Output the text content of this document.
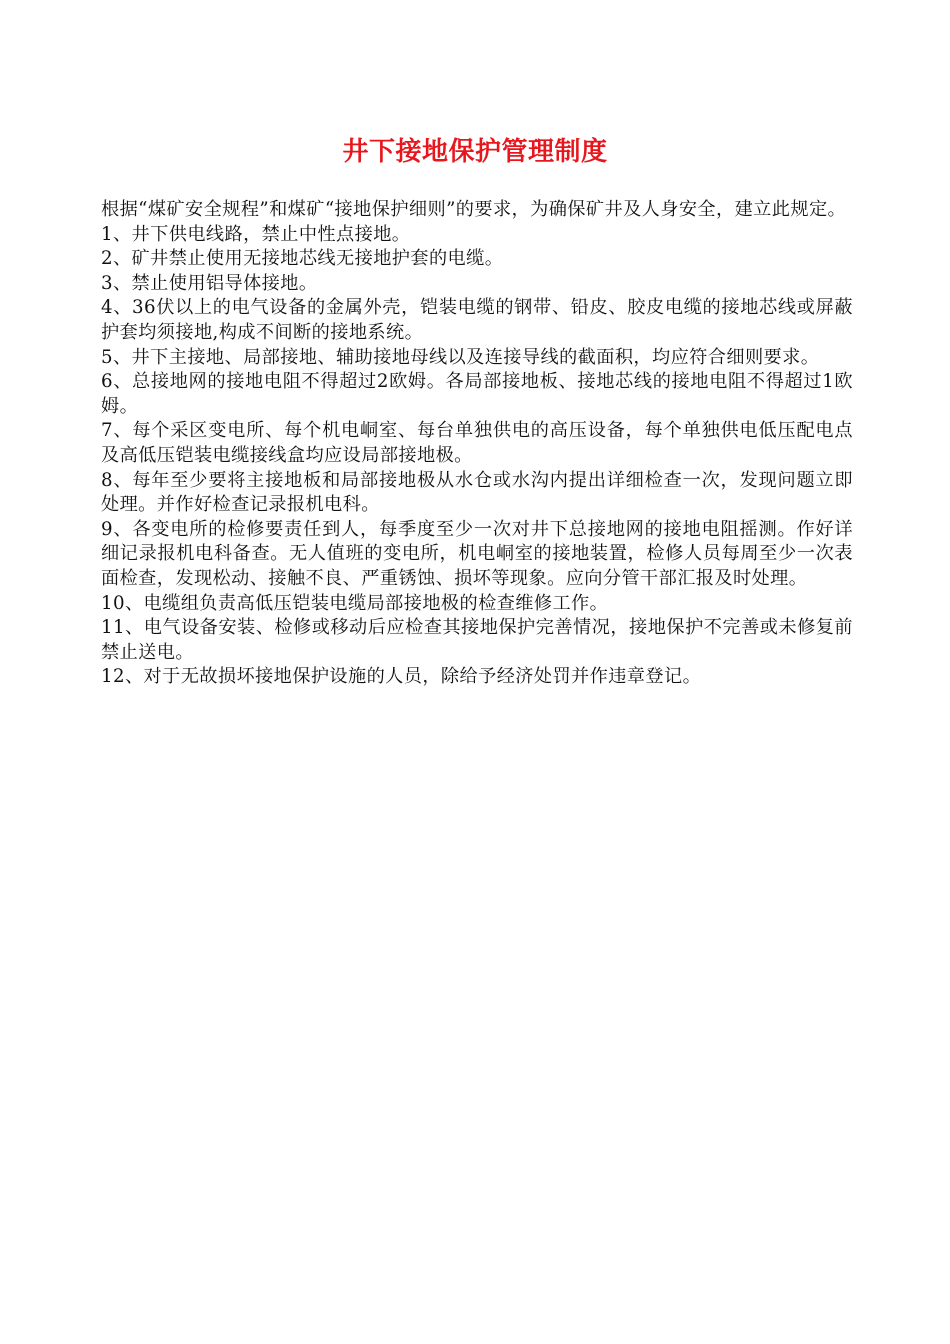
井下接地保护管理制度

根据“煤矿安全规程”和煤矿“接地保护细则”的要求，为确保矿井及人身安全，建立此规定。

1、井下供电线路，禁止中性点接地。

2、矿井禁止使用无接地芯线无接地护套的电缆。

3、禁止使用铝导体接地。

4、36伏以上的电气设备的金属外壳，铠装电缆的钢带、铅皮、胶皮电缆的接地芯线或屏蔽护套均须接地,构成不间断的接地系统。

5、井下主接地、局部接地、辅助接地母线以及连接导线的截面积，均应符合细则要求。

6、总接地网的接地电阻不得超过2欧姆。各局部接地板、接地芯线的接地电阻不得超过1欧姆。

7、每个采区变电所、每个机电峒室、每台单独供电的高压设备，每个单独供电低压配电点及高低压铠装电缆接线盒均应设局部接地极。

8、每年至少要将主接地板和局部接地极从水仓或水沟内提出详细检查一次，发现问题立即处理。并作好检查记录报机电科。

9、各变电所的检修要责任到人，每季度至少一次对井下总接地网的接地电阻摇测。作好详细记录报机电科备查。无人值班的变电所，机电峒室的接地装置，检修人员每周至少一次表面检查，发现松动、接触不良、严重锈蚀、损坏等现象。应向分管干部汇报及时处理。

10、电缆组负责高低压铠装电缆局部接地极的检查维修工作。

11、电气设备安装、检修或移动后应检查其接地保护完善情况，接地保护不完善或未修复前禁止送电。

12、对于无故损坏接地保护设施的人员，除给予经济处罚并作违章登记。
